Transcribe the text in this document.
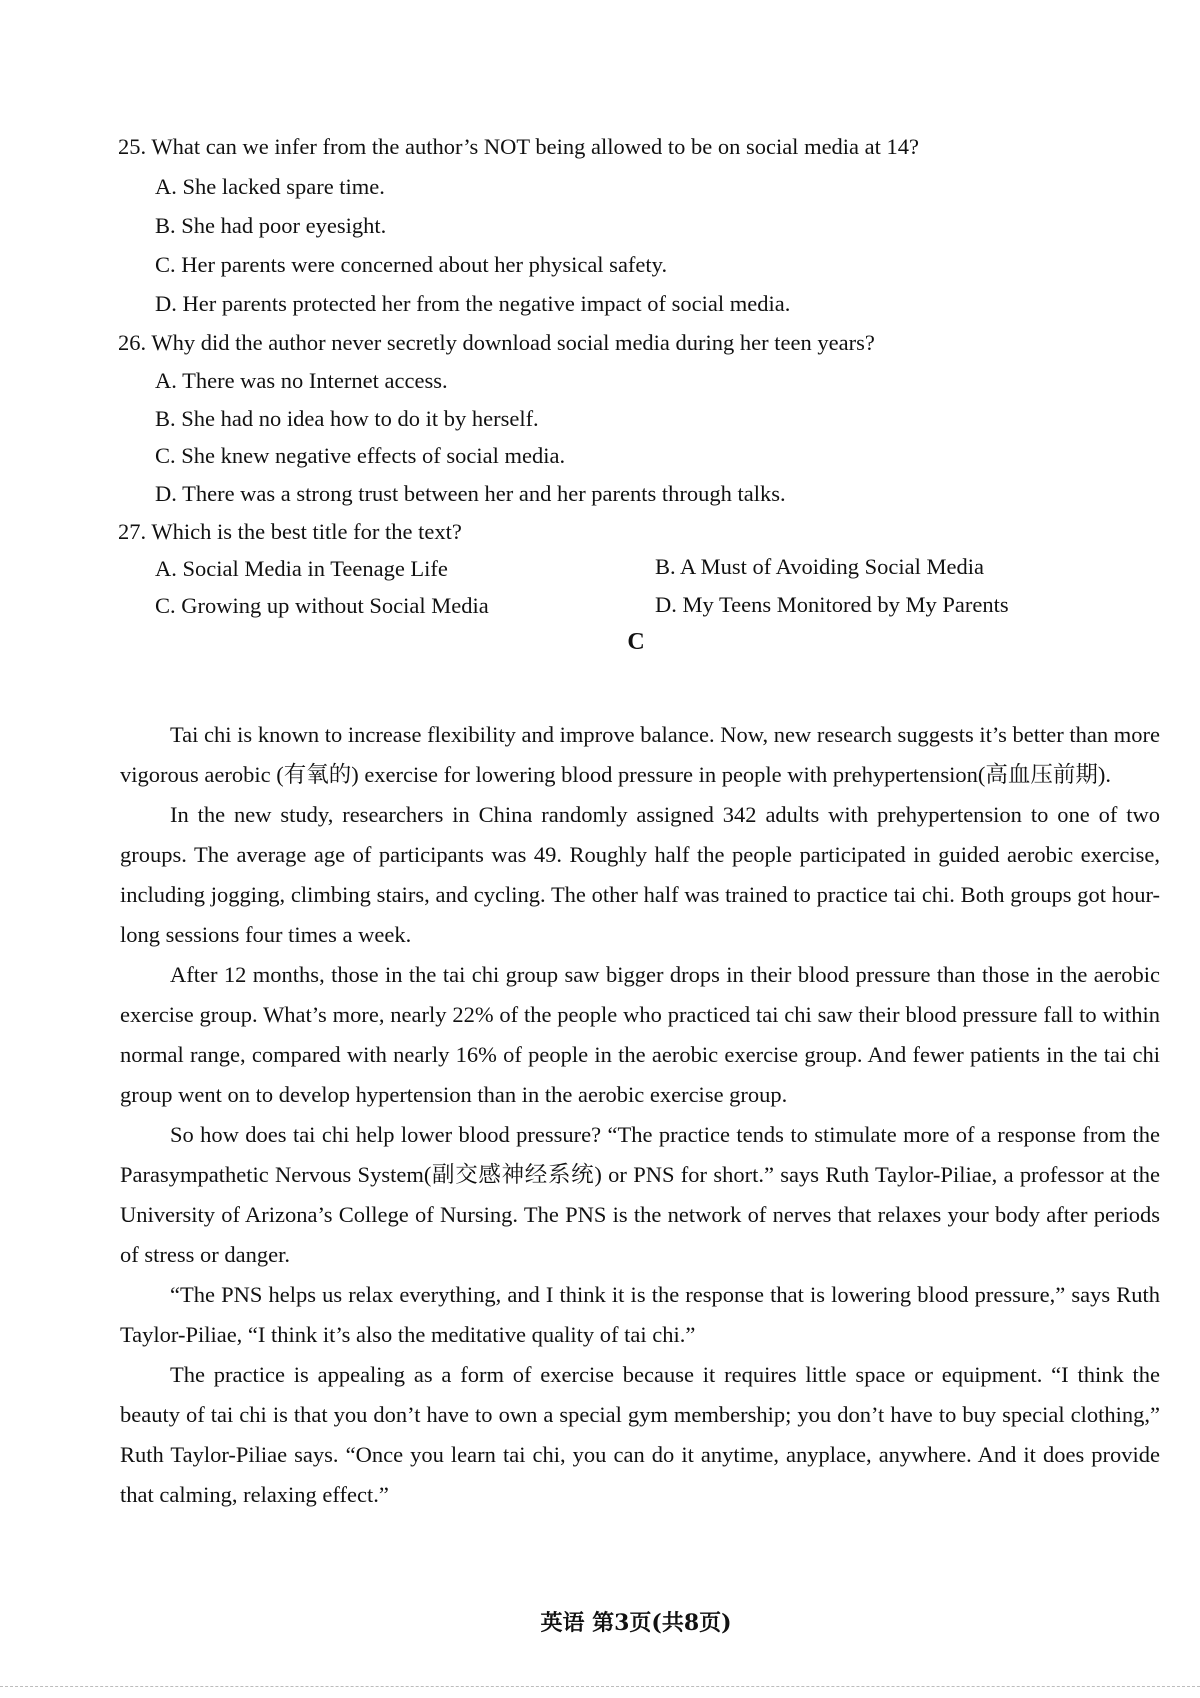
25. What can we infer from the author’s NOT being allowed to be on social media at 14?
A. She lacked spare time.
B. She had poor eyesight.
C. Her parents were concerned about her physical safety.
D. Her parents protected her from the negative impact of social media.
26. Why did the author never secretly download social media during her teen years?
A. There was no Internet access.
B. She had no idea how to do it by herself.
C. She knew negative effects of social media.
D. There was a strong trust between her and her parents through talks.
27. Which is the best title for the text?
A. Social Media in Teenage Life	B. A Must of Avoiding Social Media
C. Growing up without Social Media	D. My Teens Monitored by My Parents
C

Tai chi is known to increase flexibility and improve balance. Now, new research suggests it’s better than more vigorous aerobic (有氧的) exercise for lowering blood pressure in people with prehypertension(高血压前期).

In the new study, researchers in China randomly assigned 342 adults with prehypertension to one of two groups. The average age of participants was 49. Roughly half the people participated in guided aerobic exercise, including jogging, climbing stairs, and cycling. The other half was trained to practice tai chi. Both groups got hour-long sessions four times a week.

After 12 months, those in the tai chi group saw bigger drops in their blood pressure than those in the aerobic exercise group. What’s more, nearly 22% of the people who practiced tai chi saw their blood pressure fall to within normal range, compared with nearly 16% of people in the aerobic exercise group. And fewer patients in the tai chi group went on to develop hypertension than in the aerobic exercise group.

So how does tai chi help lower blood pressure? “The practice tends to stimulate more of a response from the Parasympathetic Nervous System(副交感神经系统) or PNS for short.” says Ruth Taylor-Piliae, a professor at the University of Arizona’s College of Nursing. The PNS is the network of nerves that relaxes your body after periods of stress or danger.

“The PNS helps us relax everything, and I think it is the response that is lowering blood pressure,” says Ruth Taylor-Piliae, “I think it’s also the meditative quality of tai chi.”

The practice is appealing as a form of exercise because it requires little space or equipment. “I think the beauty of tai chi is that you don’t have to own a special gym membership; you don’t have to buy special clothing,” Ruth Taylor-Piliae says. “Once you learn tai chi, you can do it anytime, anyplace, anywhere. And it does provide that calming, relaxing effect.”

英语 第3页(共8页)
